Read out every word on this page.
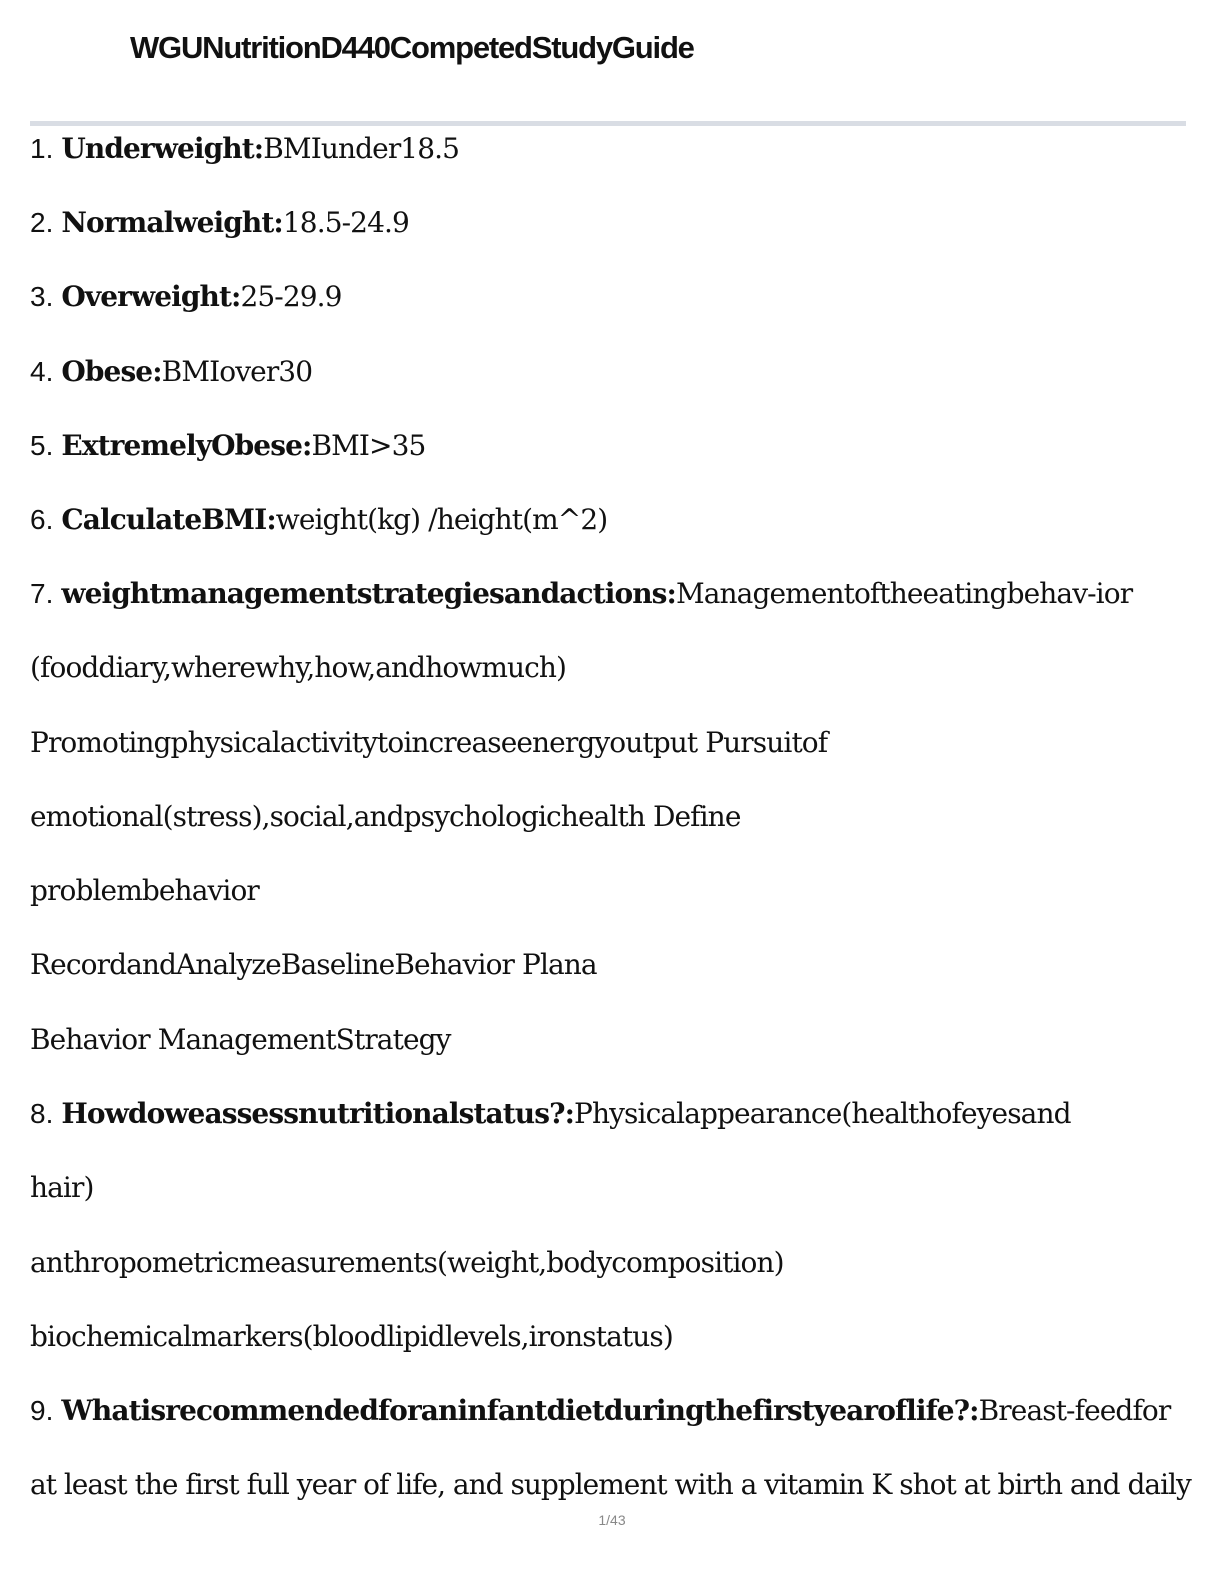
WGUNutritionD440CompetedStudyGuide
1. Underweight:BMIunder18.5
2. Normalweight:18.5-24.9
3. Overweight:25-29.9
4. Obese:BMIover30
5. ExtremelyObese:BMI>35
6. CalculateBMI:weight(kg) /height(m^2)
7. weightmanagementstrategiesandactions:Managementoftheeatingbehav-ior
(fooddiary,wherewhy,how,andhowmuch)
Promotingphysicalactivitytoincreaseenergyoutput Pursuitof
emotional(stress),social,andpsychologichealth Define
problembehavior
RecordandAnalyzeBaselineBehavior Plana
Behavior ManagementStrategy
8. Howdoweassessnutritionalstatus?:Physicalappearance(healthofeyesand
hair)
anthropometricmeasurements(weight,bodycomposition)
biochemicalmarkers(bloodlipidlevels,ironstatus)
9. Whatisrecommendedforaninfantdietduringthefirstyearoflife?:Breast-feedfor
at least the first full year of life, and supplement with a vitamin K shot at birth and daily
1/43
